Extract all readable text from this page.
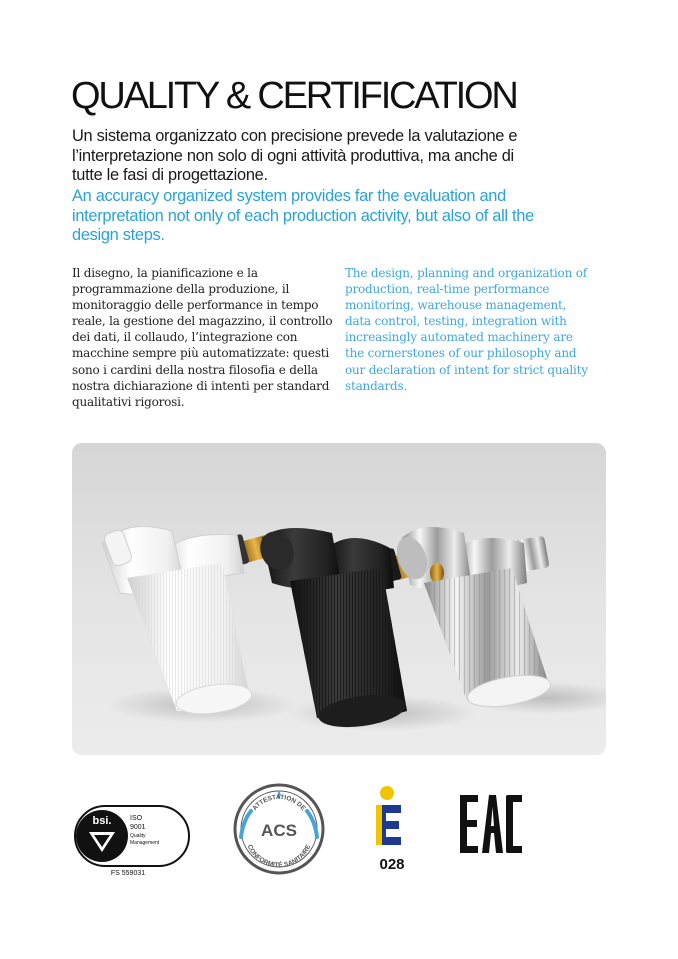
QUALITY & CERTIFICATION

Un sistema organizzato con precisione prevede la valutazione e l’interpretazione non solo di ogni attività produttiva, ma anche di tutte le fasi di progettazione.

An accuracy organized system provides far the evaluation and interpretation not only of each production activity, but also of all the design steps.

Il disegno, la pianificazione e la programmazione della produzione, il monitoraggio delle performance in tempo reale, la gestione del magazzino, il controllo dei dati, il collaudo, l’integrazione con macchine sempre più automatizzate: questi sono i cardini della nostra filosofia e della nostra dichiarazione di intenti per standard qualitativi rigorosi.
The design, planning and organization of production, real-time performance monitoring, warehouse management, data control, testing, integration with increasingly automated machinery are the cornerstones of our philosophy and our declaration of intent for strict quality standards.
bsi.	ISO
9001
Quality
Management
FS 559031
ATTESTATION DE
CONFORMITÉ SANITAIRE
ACS
028
